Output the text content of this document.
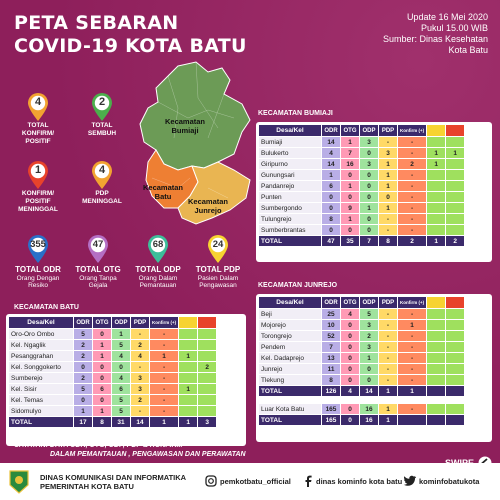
PETA SEBARAN
COVID-19 KOTA BATU
Update 16 Mei 2020
Pukul 15.00 WIB
Sumber: Dinas Kesehatan
Kota Batu
Kecamatan
Bumiaji
Kecamatan
Batu
Kecamatan
Junrejo
4
TOTAL
KONFIRM/
POSITIF
2
TOTAL
SEMBUH
1
KONFIRM/
POSITIF
MENINGGAL
4
PDP
MENINGGAL
355
TOTAL ODR
Orang Dengan
Resiko
47
TOTAL OTG
Orang Tanpa
Gejala
68
TOTAL ODP
Orang Dalam
Pemantauan
24
TOTAL PDP
Pasien Dalam
Pengawasan
KECAMATAN BUMIAJI
Desa/Kel	ODR	OTG	ODP	PDP	Konfirm (+)		
Bumiaji	14	1	3	-	-		
Bulukerto	4	7	0	3	-	1	1
Giripurno	14	16	3	1	2	1	
Gunungsari	1	0	0	1	-		
Pandanrejo	6	1	0	1	-		
Punten	0	0	0	0	-		
Sumbergondo	0	9	1	1	-		
Tulungrejo	8	1	0	-	-		
Sumberbrantas	0	0	0	-	-		
TOTAL	47	35	7	8	2	1	2
KECAMATAN JUNREJO
Desa/Kel	ODR	OTG	ODP	PDP	Konfirm (+)		
Beji	25	4	5	-	-		
Mojorejo	10	0	3	-	1		
Torongrejo	52	0	2	-	-		
Pendem	7	0	3	-	-		
Kel. Dadaprejo	13	0	1	-	-		
Junrejo	11	0	0	-	-		
Tlekung	8	0	0	-	-		
TOTAL	126	4	14	1	1		

Luar Kota Batu	165	0	16	1	-		
TOTAL	165	0	16	1			
KECAMATAN BATU
Desa/Kel	ODR	OTG	ODP	PDP	Konfirm (+)		
Oro-Oro Ombo	5	0	1	-	-		
Kel. Ngaglik	2	1	5	2	-		
Pesanggrahan	2	1	4	4	1	1	
Kel. Songgokerto	0	0	0	-	-		2
Sumberejo	2	0	4	3	-		
Kel. Sisir	5	6	6	3	-	1	
Kel. Temas	0	0	5	2	-		
Sidomulyo	1	1	5	-	-		
TOTAL	17	8	31	14	1	1	3
CATATAN: DATA ODR, OTG, ODP, PDP & KONFIRM
DALAM PEMANTAUAN , PENGAWASAN DAN PERAWATAN
DINAS KOMUNIKASI DAN INFORMATIKA
PEMERINTAH KOTA BATU
pemkotbatu_official	dinas kominfo kota batu kominfobatukota
